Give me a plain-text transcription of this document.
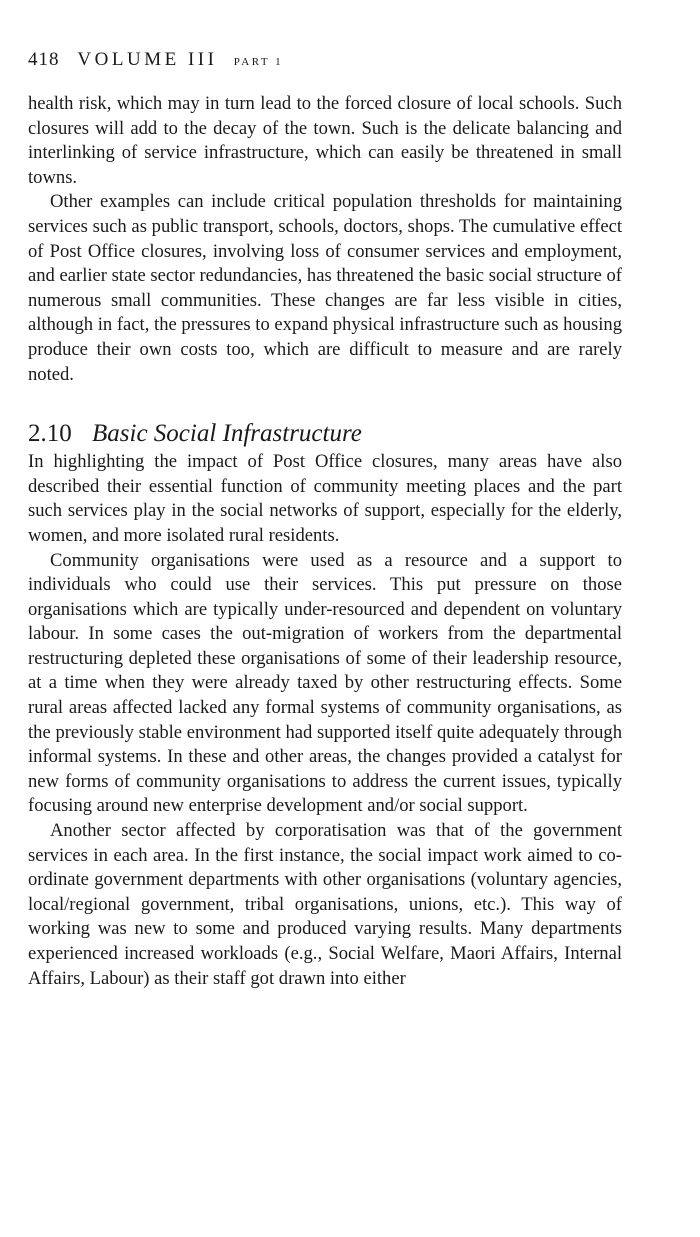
418 VOLUME III PART 1

health risk, which may in turn lead to the forced closure of local schools. Such closures will add to the decay of the town. Such is the delicate balancing and interlinking of service infrastructure, which can easily be threatened in small towns.

Other examples can include critical population thresholds for maintaining services such as public transport, schools, doctors, shops. The cumulative effect of Post Office closures, involving loss of consumer services and employment, and earlier state sector redundancies, has threatened the basic social structure of numerous small communities. These changes are far less visible in cities, although in fact, the pressures to expand physical infrastructure such as housing produce their own costs too, which are difficult to measure and are rarely noted.

2.10 Basic Social Infrastructure

In highlighting the impact of Post Office closures, many areas have also described their essential function of community meeting places and the part such services play in the social networks of support, especially for the elderly, women, and more isolated rural residents.

Community organisations were used as a resource and a support to individuals who could use their services. This put pressure on those organisations which are typically under-resourced and dependent on voluntary labour. In some cases the out-migration of workers from the departmental restructuring depleted these organisations of some of their leadership resource, at a time when they were already taxed by other restructuring effects. Some rural areas affected lacked any formal systems of community organisations, as the previously stable environment had supported itself quite adequately through informal systems. In these and other areas, the changes provided a catalyst for new forms of community organisations to address the current issues, typically focusing around new enterprise development and/or social support.

Another sector affected by corporatisation was that of the government services in each area. In the first instance, the social impact work aimed to co-ordinate government departments with other organisations (voluntary agencies, local/regional government, tribal organisations, unions, etc.). This way of working was new to some and produced varying results. Many departments experienced increased workloads (e.g., Social Welfare, Maori Affairs, Internal Affairs, Labour) as their staff got drawn into either
